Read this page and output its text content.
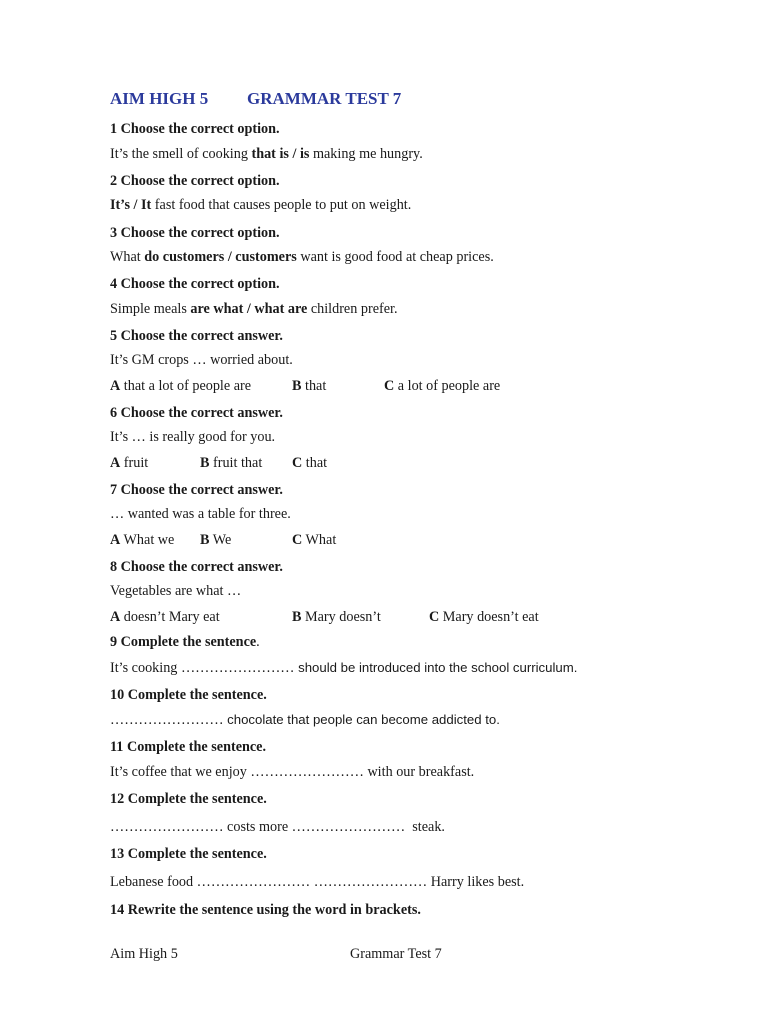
AIM HIGH 5 GRAMMAR TEST 7
1 Choose the correct option.
It’s the smell of cooking that is / is making me hungry.
2 Choose the correct option.
It’s / It fast food that causes people to put on weight.
3 Choose the correct option.
What do customers / customers want is good food at cheap prices.
4 Choose the correct option.
Simple meals are what / what are children prefer.
5 Choose the correct answer.
It’s GM crops … worried about.
A that a lot of people are	B that	C a lot of people are
6 Choose the correct answer.
It’s … is really good for you.
A fruit	B fruit that C that
7 Choose the correct answer.
… wanted was a table for three.
A What we B We	C What
8 Choose the correct answer.
Vegetables are what …
A doesn’t Mary eat	B Mary doesn’t	C Mary doesn’t eat
9 Complete the sentence.
It’s cooking …………………… should be introduced into the school curriculum.
10 Complete the sentence.
…………………… chocolate that people can become addicted to.
11 Complete the sentence.
It’s coffee that we enjoy …………………… with our breakfast.
12 Complete the sentence.
…………………… costs more ……………………  steak.
13 Complete the sentence.
Lebanese food …………………… …………………… Harry likes best.
14 Rewrite the sentence using the word in brackets.
Aim High 5	Grammar Test 7
